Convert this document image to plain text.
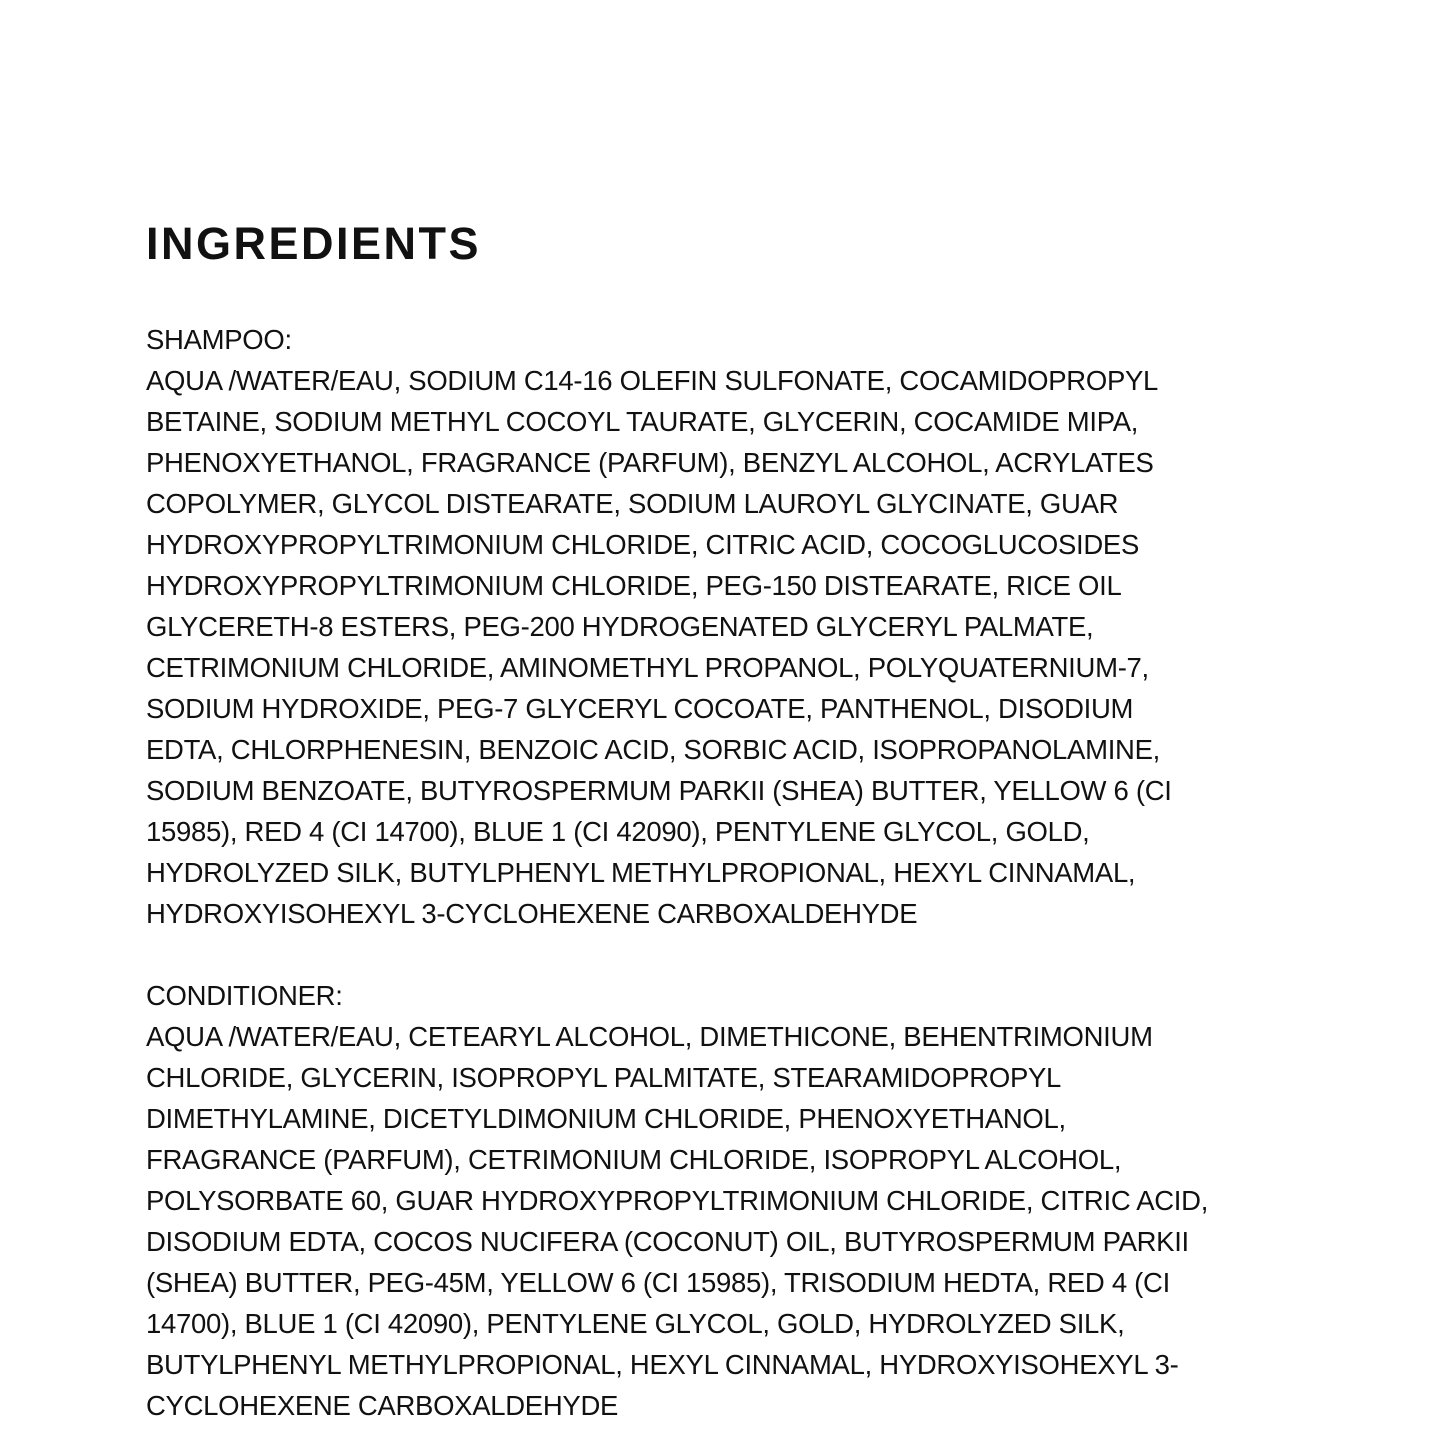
INGREDIENTS
SHAMPOO:
AQUA /WATER/EAU, SODIUM C14-16 OLEFIN SULFONATE, COCAMIDOPROPYL
BETAINE, SODIUM METHYL COCOYL TAURATE, GLYCERIN, COCAMIDE MIPA,
PHENOXYETHANOL, FRAGRANCE (PARFUM), BENZYL ALCOHOL, ACRYLATES
COPOLYMER, GLYCOL DISTEARATE, SODIUM LAUROYL GLYCINATE, GUAR
HYDROXYPROPYLTRIMONIUM CHLORIDE, CITRIC ACID, COCOGLUCOSIDES
HYDROXYPROPYLTRIMONIUM CHLORIDE, PEG-150 DISTEARATE, RICE OIL
GLYCERETH-8 ESTERS, PEG-200 HYDROGENATED GLYCERYL PALMATE,
CETRIMONIUM CHLORIDE, AMINOMETHYL PROPANOL, POLYQUATERNIUM-7,
SODIUM HYDROXIDE, PEG-7 GLYCERYL COCOATE, PANTHENOL, DISODIUM
EDTA, CHLORPHENESIN, BENZOIC ACID, SORBIC ACID, ISOPROPANOLAMINE,
SODIUM BENZOATE, BUTYROSPERMUM PARKII (SHEA) BUTTER, YELLOW 6 (CI
15985), RED 4 (CI 14700), BLUE 1 (CI 42090), PENTYLENE GLYCOL, GOLD,
HYDROLYZED SILK, BUTYLPHENYL METHYLPROPIONAL, HEXYL CINNAMAL,
HYDROXYISOHEXYL 3-CYCLOHEXENE CARBOXALDEHYDE
CONDITIONER:
AQUA /WATER/EAU, CETEARYL ALCOHOL, DIMETHICONE, BEHENTRIMONIUM
CHLORIDE, GLYCERIN, ISOPROPYL PALMITATE, STEARAMIDOPROPYL
DIMETHYLAMINE, DICETYLDIMONIUM CHLORIDE, PHENOXYETHANOL,
FRAGRANCE (PARFUM), CETRIMONIUM CHLORIDE, ISOPROPYL ALCOHOL,
POLYSORBATE 60, GUAR HYDROXYPROPYLTRIMONIUM CHLORIDE, CITRIC ACID,
DISODIUM EDTA, COCOS NUCIFERA (COCONUT) OIL, BUTYROSPERMUM PARKII
(SHEA) BUTTER, PEG-45M, YELLOW 6 (CI 15985), TRISODIUM HEDTA, RED 4 (CI
14700), BLUE 1 (CI 42090), PENTYLENE GLYCOL, GOLD, HYDROLYZED SILK,
BUTYLPHENYL METHYLPROPIONAL, HEXYL CINNAMAL, HYDROXYISOHEXYL 3-
CYCLOHEXENE CARBOXALDEHYDE
